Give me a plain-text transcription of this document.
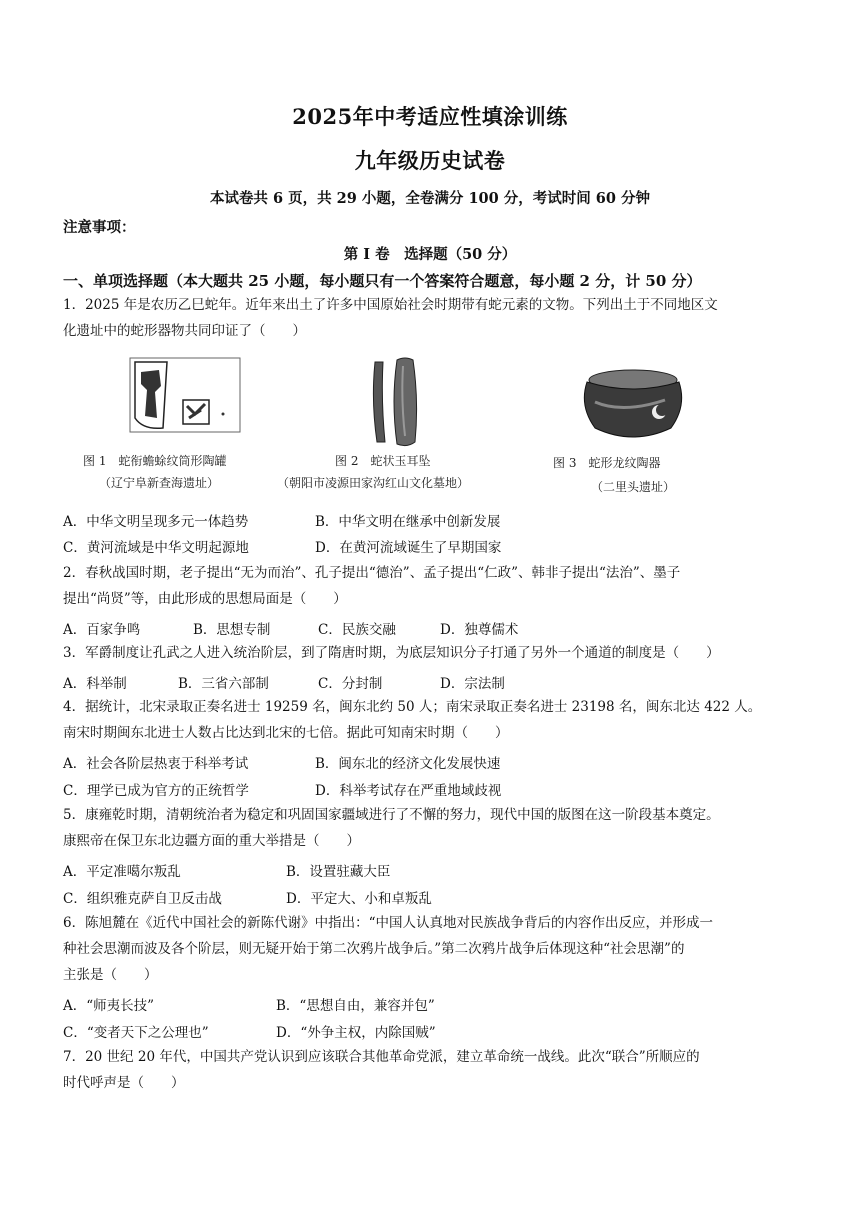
2025年中考适应性填涂训练
九年级历史试卷
本试卷共 6 页，共 29 小题，全卷满分 100 分，考试时间 60 分钟
注意事项：
第 I 卷　选择题（50 分）
一、单项选择题（本大题共 25 小题，每小题只有一个答案符合题意，每小题 2 分，计 50 分）
1．2025 年是农历乙巳蛇年。近年来出土了许多中国原始社会时期带有蛇元素的文物。下列出土于不同地区文
化遗址中的蛇形器物共同印证了（　　）
图 1　蛇衔蟾蜍纹筒形陶罐
（辽宁阜新查海遗址）
图 2　蛇状玉耳坠
（朝阳市凌源田家沟红山文化墓地）
图 3　蛇形龙纹陶器
（二里头遗址）
A．中华文明呈现多元一体趋势	B．中华文明在继承中创新发展
C．黄河流域是中华文明起源地	D．在黄河流域诞生了早期国家
2．春秋战国时期，老子提出“无为而治”、孔子提出“德治”、孟子提出“仁政”、韩非子提出“法治”、墨子
提出“尚贤”等，由此形成的思想局面是（　　）
A．百家争鸣	B．思想专制	C．民族交融	D．独尊儒术
3．军爵制度让孔武之人进入统治阶层，到了隋唐时期，为底层知识分子打通了另外一个通道的制度是（　　）
A．科举制	B．三省六部制	C．分封制	D．宗法制
4．据统计，北宋录取正奏名进士 19259 名，闽东北约 50 人；南宋录取正奏名进士 23198 名，闽东北达 422 人。
南宋时期闽东北进士人数占比达到北宋的七倍。据此可知南宋时期（　　）
A．社会各阶层热衷于科举考试	B．闽东北的经济文化发展快速
C．理学已成为官方的正统哲学	D．科举考试存在严重地域歧视
5．康雍乾时期，清朝统治者为稳定和巩固国家疆域进行了不懈的努力，现代中国的版图在这一阶段基本奠定。
康熙帝在保卫东北边疆方面的重大举措是（　　）
A．平定准噶尔叛乱	B．设置驻藏大臣
C．组织雅克萨自卫反击战	D．平定大、小和卓叛乱
6．陈旭麓在《近代中国社会的新陈代谢》中指出：“中国人认真地对民族战争背后的内容作出反应，并形成一
种社会思潮而波及各个阶层，则无疑开始于第二次鸦片战争后。”第二次鸦片战争后体现这种“社会思潮”的
主张是（　　）
A．“师夷长技”	B．“思想自由，兼容并包”
C．“变者天下之公理也”	D．“外争主权，内除国贼”
7．20 世纪 20 年代，中国共产党认识到应该联合其他革命党派，建立革命统一战线。此次“联合”所顺应的
时代呼声是（　　）
